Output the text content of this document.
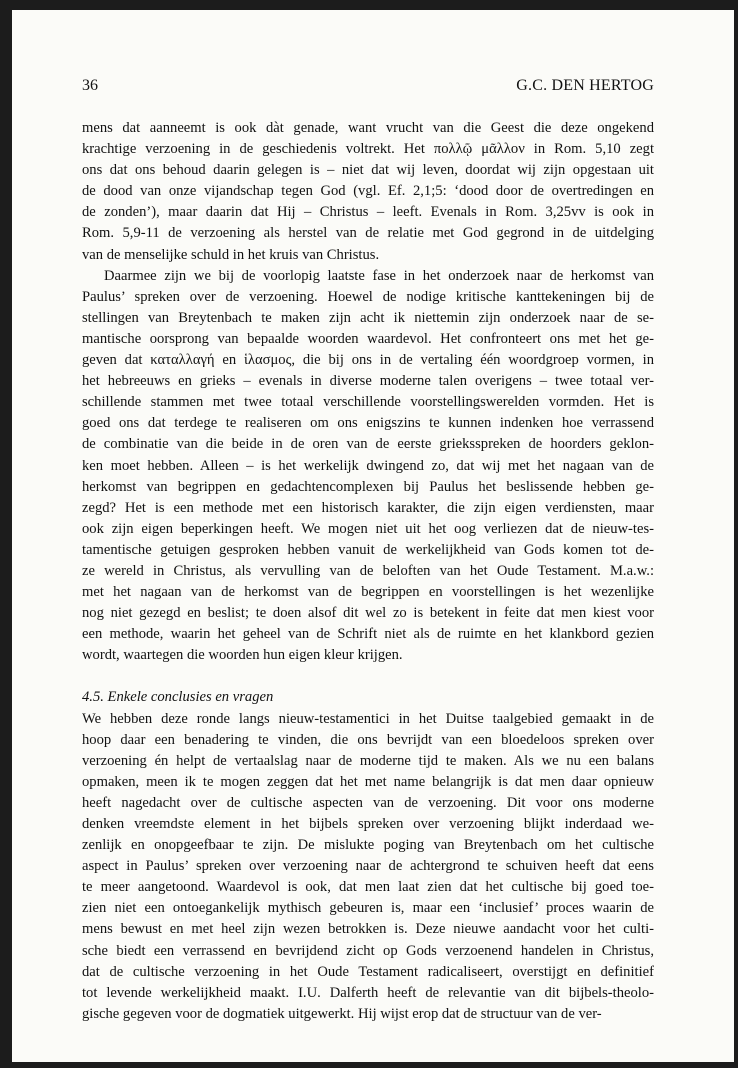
36	G.C. DEN HERTOG

mens dat aanneemt is ook dàt genade, want vrucht van die Geest die deze ongekend

krachtige verzoening in de geschiedenis voltrekt. Het πολλῷ μᾶλλον in Rom. 5,10 zegt

ons dat ons behoud daarin gelegen is – niet dat wij leven, doordat wij zijn opgestaan uit

de dood van onze vijandschap tegen God (vgl. Ef. 2,1;5: ‘dood door de overtredingen en

de zonden’), maar daarin dat Hij – Christus – leeft. Evenals in Rom. 3,25vv is ook in

Rom. 5,9-11 de verzoening als herstel van de relatie met God gegrond in de uitdelging

van de menselijke schuld in het kruis van Christus.

Daarmee zijn we bij de voorlopig laatste fase in het onderzoek naar de herkomst van

Paulus’ spreken over de verzoening. Hoewel de nodige kritische kanttekeningen bij de

stellingen van Breytenbach te maken zijn acht ik niettemin zijn onderzoek naar de se-

mantische oorsprong van bepaalde woorden waardevol. Het confronteert ons met het ge-

geven dat καταλλαγή en ἱλασμος, die bij ons in de vertaling één woordgroep vormen, in

het hebreeuws en grieks – evenals in diverse moderne talen overigens – twee totaal ver-

schillende stammen met twee totaal verschillende voorstellingswerelden vormden. Het is

goed ons dat terdege te realiseren om ons enigszins te kunnen indenken hoe verrassend

de combinatie van die beide in de oren van de eerste grieksspreken de hoorders geklon-

ken moet hebben. Alleen – is het werkelijk dwingend zo, dat wij met het nagaan van de

herkomst van begrippen en gedachtencomplexen bij Paulus het beslissende hebben ge-

zegd? Het is een methode met een historisch karakter, die zijn eigen verdiensten, maar

ook zijn eigen beperkingen heeft. We mogen niet uit het oog verliezen dat de nieuw-tes-

tamentische getuigen gesproken hebben vanuit de werkelijkheid van Gods komen tot de-

ze wereld in Christus, als vervulling van de beloften van het Oude Testament. M.a.w.:

met het nagaan van de herkomst van de begrippen en voorstellingen is het wezenlijke

nog niet gezegd en beslist; te doen alsof dit wel zo is betekent in feite dat men kiest voor

een methode, waarin het geheel van de Schrift niet als de ruimte en het klankbord gezien

wordt, waartegen die woorden hun eigen kleur krijgen.

4.5. Enkele conclusies en vragen

We hebben deze ronde langs nieuw-testamentici in het Duitse taalgebied gemaakt in de

hoop daar een benadering te vinden, die ons bevrijdt van een bloedeloos spreken over

verzoening én helpt de vertaalslag naar de moderne tijd te maken. Als we nu een balans

opmaken, meen ik te mogen zeggen dat het met name belangrijk is dat men daar opnieuw

heeft nagedacht over de cultische aspecten van de verzoening. Dit voor ons moderne

denken vreemdste element in het bijbels spreken over verzoening blijkt inderdaad we-

zenlijk en onopgeefbaar te zijn. De mislukte poging van Breytenbach om het cultische

aspect in Paulus’ spreken over verzoening naar de achtergrond te schuiven heeft dat eens

te meer aangetoond. Waardevol is ook, dat men laat zien dat het cultische bij goed toe-

zien niet een ontoegankelijk mythisch gebeuren is, maar een ‘inclusief’ proces waarin de

mens bewust en met heel zijn wezen betrokken is. Deze nieuwe aandacht voor het culti-

sche biedt een verrassend en bevrijdend zicht op Gods verzoenend handelen in Christus,

dat de cultische verzoening in het Oude Testament radicaliseert, overstijgt en definitief

tot levende werkelijkheid maakt. I.U. Dalferth heeft de relevantie van dit bijbels-theolo-

gische gegeven voor de dogmatiek uitgewerkt. Hij wijst erop dat de structuur van de ver-
